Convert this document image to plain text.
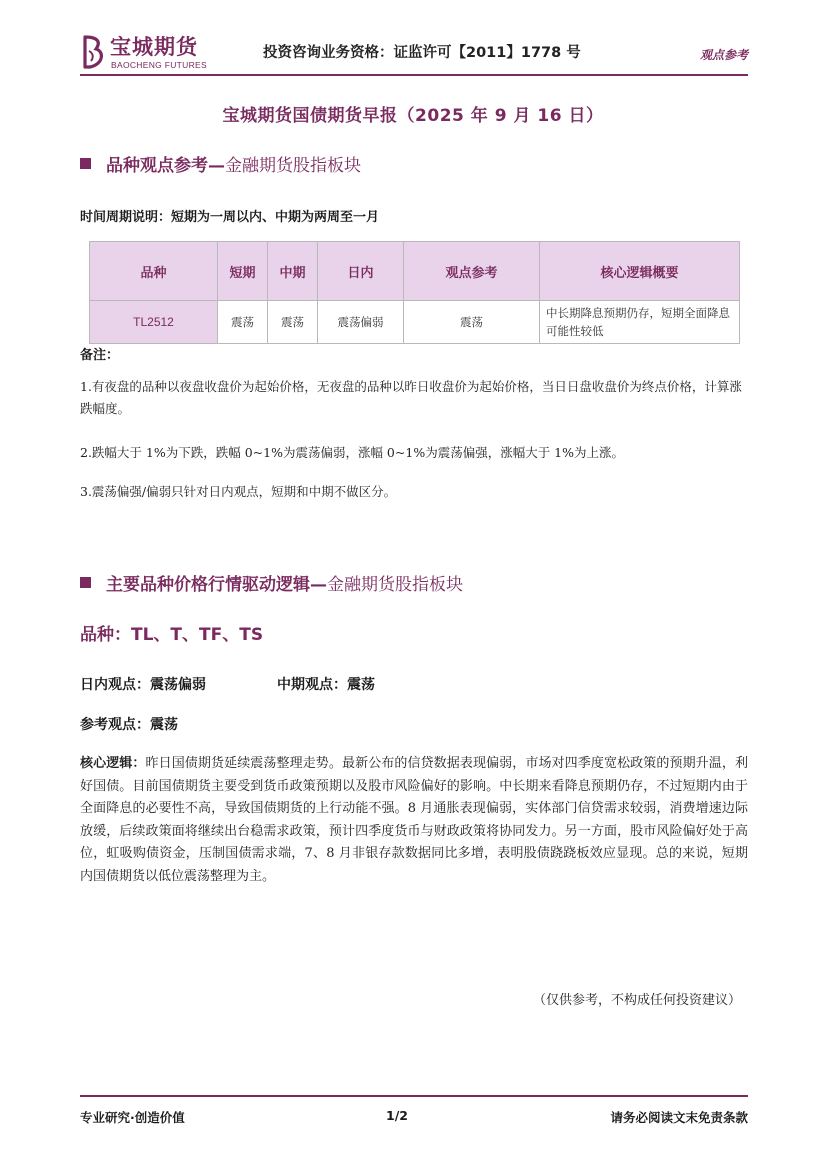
宝城期货
BAOCHENG FUTURES
投资咨询业务资格：证监许可【2011】1778 号	观点参考
宝城期货国债期货早报（2025 年 9 月 16 日）
品种观点参考—金融期货股指板块
时间周期说明：短期为一周以内、中期为两周至一月
品种	短期	中期	日内	观点参考	核心逻辑概要
TL2512	震荡	震荡	震荡偏弱	震荡	中长期降息预期仍存，短期全面降息可能性较低
备注：
1.有夜盘的品种以夜盘收盘价为起始价格，无夜盘的品种以昨日收盘价为起始价格，当日日盘收盘价为终点价格，计算涨跌幅度。
2.跌幅大于 1%为下跌，跌幅 0~1%为震荡偏弱，涨幅 0~1%为震荡偏强，涨幅大于 1%为上涨。
3.震荡偏强/偏弱只针对日内观点，短期和中期不做区分。
主要品种价格行情驱动逻辑—金融期货股指板块
品种：TL、T、TF、TS
日内观点：震荡偏弱	中期观点：震荡
参考观点：震荡
核心逻辑：昨日国债期货延续震荡整理走势。最新公布的信贷数据表现偏弱，市场对四季度宽松政策的预期升温，利好国债。目前国债期货主要受到货币政策预期以及股市风险偏好的影响。中长期来看降息预期仍存，不过短期内由于全面降息的必要性不高，导致国债期货的上行动能不强。8 月通胀表现偏弱，实体部门信贷需求较弱，消费增速边际放缓，后续政策面将继续出台稳需求政策，预计四季度货币与财政政策将协同发力。另一方面，股市风险偏好处于高位，虹吸购债资金，压制国债需求端，7、8 月非银存款数据同比多增，表明股债跷跷板效应显现。总的来说，短期内国债期货以低位震荡整理为主。
（仅供参考，不构成任何投资建议）
专业研究·创造价值	1/2	请务必阅读文末免责条款
